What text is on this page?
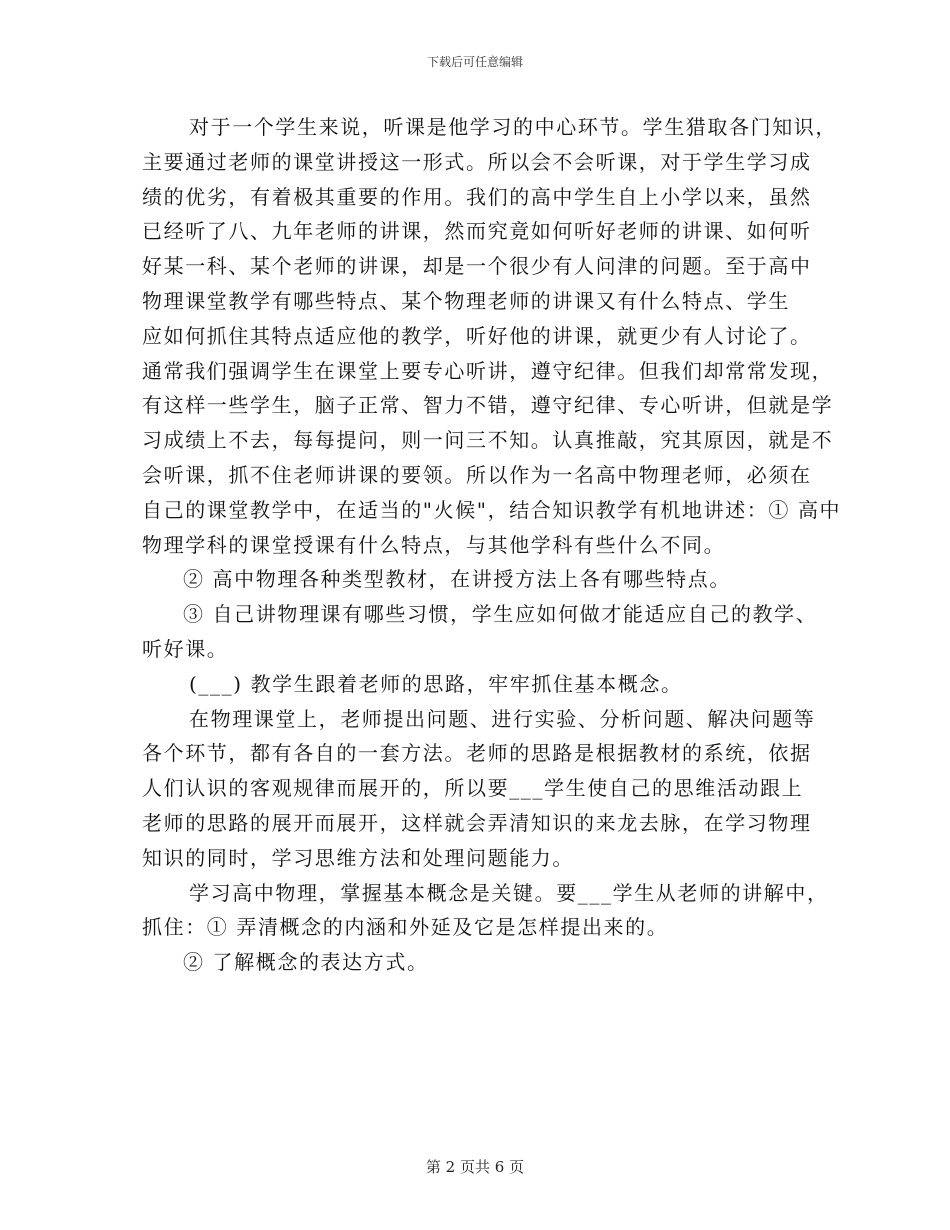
下载后可任意编辑
对于一个学生来说，听课是他学习的中心环节。学生猎取各门知识，
主要通过老师的课堂讲授这一形式。所以会不会听课，对于学生学习成
绩的优劣，有着极其重要的作用。我们的高中学生自上小学以来，虽然
已经听了八、九年老师的讲课，然而究竟如何听好老师的讲课、如何听
好某一科、某个老师的讲课，却是一个很少有人问津的问题。至于高中
物理课堂教学有哪些特点、某个物理老师的讲课又有什么特点、学生
应如何抓住其特点适应他的教学，听好他的讲课，就更少有人讨论了。
通常我们强调学生在课堂上要专心听讲，遵守纪律。但我们却常常发现，
有这样一些学生，脑子正常、智力不错，遵守纪律、专心听讲，但就是学
习成绩上不去，每每提问，则一问三不知。认真推敲，究其原因，就是不
会听课，抓不住老师讲课的要领。所以作为一名高中物理老师，必须在
自己的课堂教学中，在适当的"火候"，结合知识教学有机地讲述：① 高中
物理学科的课堂授课有什么特点，与其他学科有些什么不同。
② 高中物理各种类型教材，在讲授方法上各有哪些特点。
③ 自己讲物理课有哪些习惯，学生应如何做才能适应自己的教学、
听好课。
(___) 教学生跟着老师的思路，牢牢抓住基本概念。
在物理课堂上，老师提出问题、进行实验、分析问题、解决问题等
各个环节，都有各自的一套方法。老师的思路是根据教材的系统，依据
人们认识的客观规律而展开的，所以要___学生使自己的思维活动跟上
老师的思路的展开而展开，这样就会弄清知识的来龙去脉，在学习物理
知识的同时，学习思维方法和处理问题能力。
学习高中物理，掌握基本概念是关键。要___学生从老师的讲解中，
抓住：① 弄清概念的内涵和外延及它是怎样提出来的。
② 了解概念的表达方式。
第 2 页共 6 页
